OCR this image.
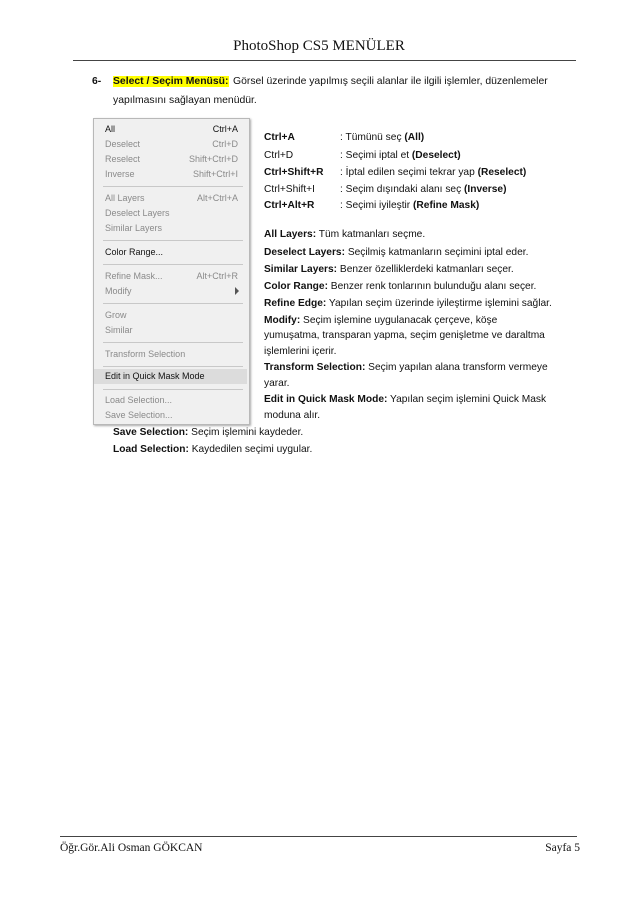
PhotoShop CS5 MENÜLER
6- Select / Seçim Menüsü: Görsel üzerinde yapılmış seçili alanlar ile ilgili işlemler, düzenlemeler
yapılmasını sağlayan menüdür.
All	Ctrl+A
Deselect	Ctrl+D
Reselect	Shift+Ctrl+D
Inverse	Shift+Ctrl+I
All Layers	Alt+Ctrl+A
Deselect Layers
Similar Layers
Color Range...
Refine Mask...	Alt+Ctrl+R
Modify
Grow
Similar
Transform Selection
Edit in Quick Mask Mode
Load Selection...
Save Selection...
Ctrl+A	: Tümünü seç (All)
Ctrl+D	: Seçimi iptal et (Deselect)
Ctrl+Shift+R : İptal edilen seçimi tekrar yap (Reselect)
Ctrl+Shift+I : Seçim dışındaki alanı seç (Inverse)
Ctrl+Alt+R	: Seçimi iyileştir (Refine Mask)
All Layers: Tüm katmanları seçme.
Deselect Layers: Seçilmiş katmanların seçimini iptal eder.
Similar Layers: Benzer özelliklerdeki katmanları seçer.
Color Range: Benzer renk tonlarının bulunduğu alanı seçer.
Refine Edge: Yapılan seçim üzerinde iyileştirme işlemini sağlar.
Modify: Seçim işlemine uygulanacak çerçeve, köşe
yumuşatma, transparan yapma, seçim genişletme ve daraltma
işlemlerini içerir.
Transform Selection: Seçim yapılan alana transform vermeye
yarar.
Edit in Quick Mask Mode: Yapılan seçim işlemini Quick Mask
moduna alır.
Save Selection: Seçim işlemini kaydeder.
Load Selection: Kaydedilen seçimi uygular.
Öğr.Gör.Ali Osman GÖKCAN	Sayfa 5
